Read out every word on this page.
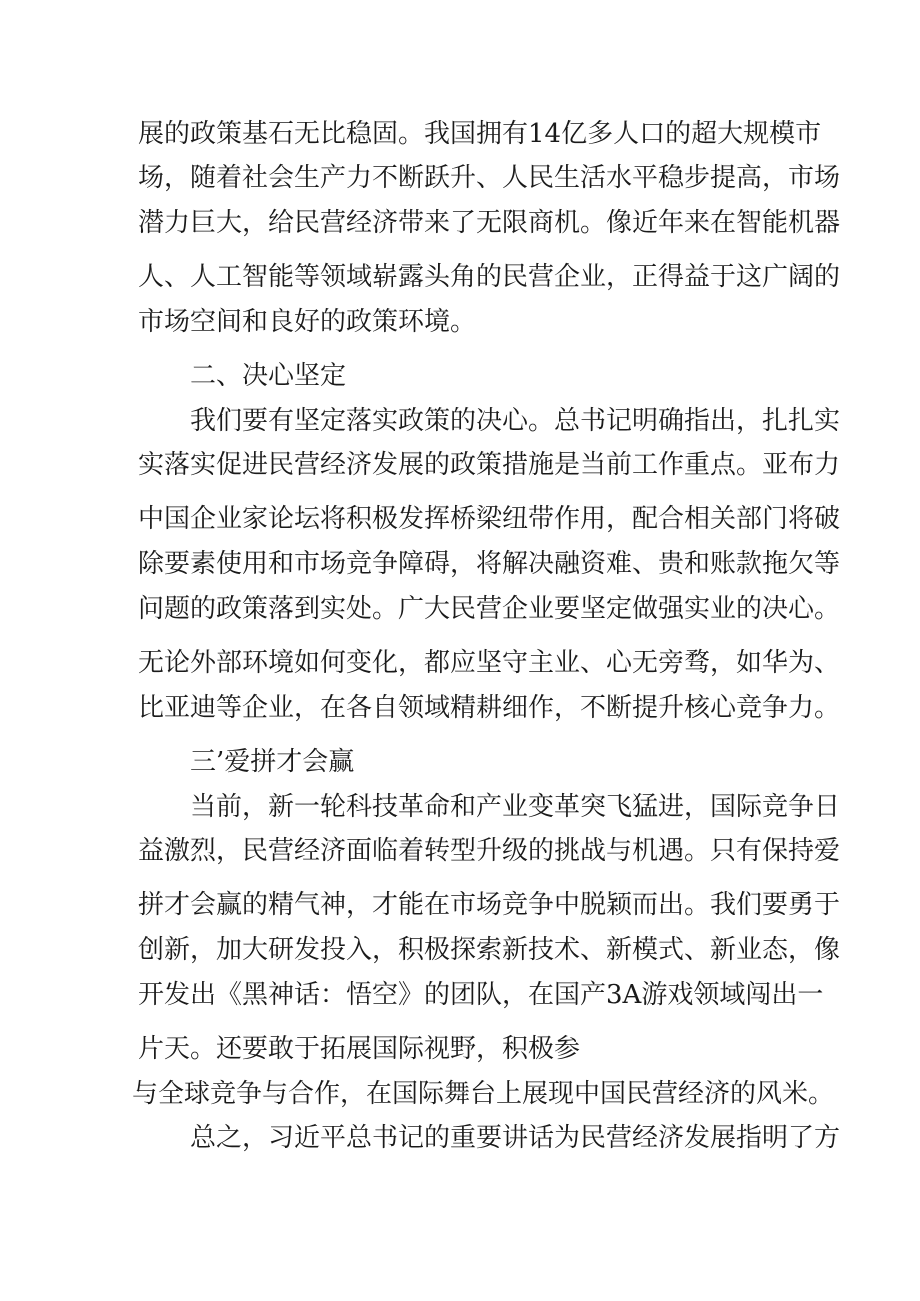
展的政策基石无比稳固。我国拥有14亿多人口的超大规模市
场，随着社会生产力不断跃升、人民生活水平稳步提高，市场
潜力巨大，给民营经济带来了无限商机。像近年来在智能机器
人、人工智能等领域崭露头角的民营企业，正得益于这广阔的
市场空间和良好的政策环境。
二、决心坚定
我们要有坚定落实政策的决心。总书记明确指出，扎扎实
实落实促进民营经济发展的政策措施是当前工作重点。亚布力
中国企业家论坛将积极发挥桥梁纽带作用，配合相关部门将破
除要素使用和市场竞争障碍，将解决融资难、贵和账款拖欠等
问题的政策落到实处。广大民营企业要坚定做强实业的决心。
无论外部环境如何变化，都应坚守主业、心无旁骛，如华为、
比亚迪等企业，在各自领域精耕细作，不断提升核心竞争力。
三’爱拼才会赢
当前，新一轮科技革命和产业变革突飞猛进，国际竞争日
益激烈，民营经济面临着转型升级的挑战与机遇。只有保持爱
拼才会赢的精气神，才能在市场竞争中脱颖而出。我们要勇于
创新，加大研发投入，积极探索新技术、新模式、新业态，像
开发出《黑神话：悟空》的团队，在国产3A游戏领域闯出一
片天。还要敢于拓展国际视野，积极参
与全球竞争与合作，在国际舞台上展现中国民营经济的风米。
总之，习近平总书记的重要讲话为民营经济发展指明了方
